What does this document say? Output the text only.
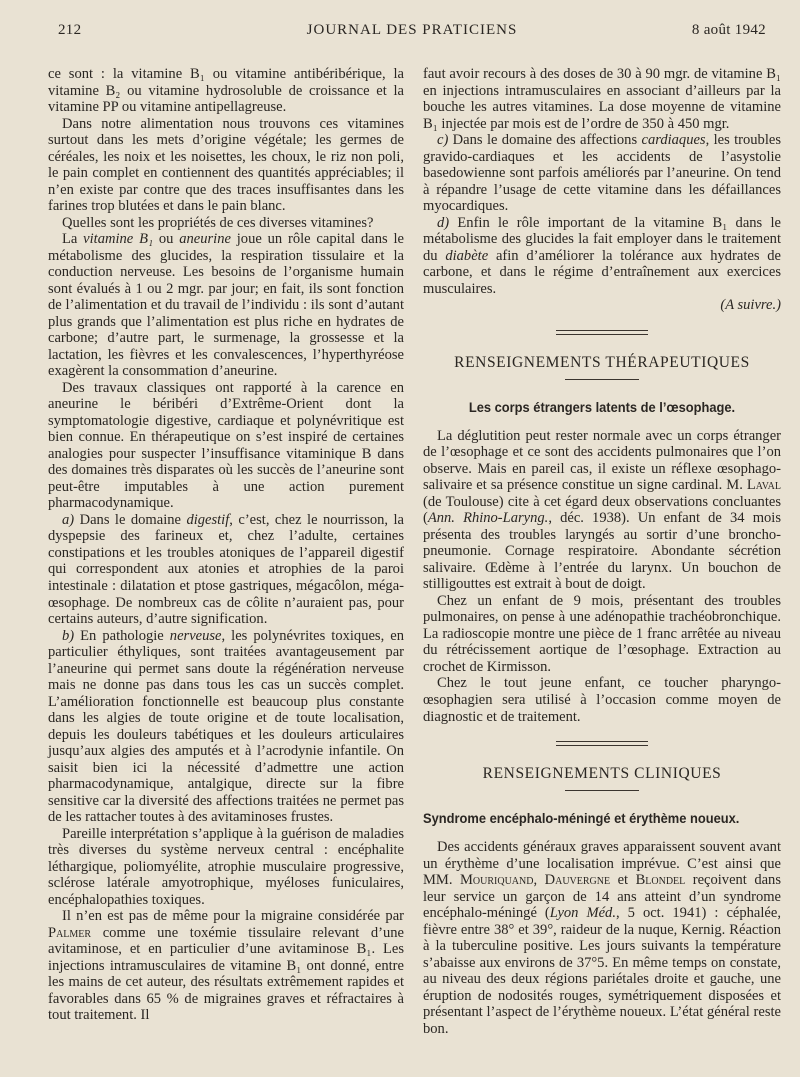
212	JOURNAL DES PRATICIENS	8 août 1942

ce sont : la vitamine B₁ ou vitamine antibéribérique, la vitamine B₂ ou vitamine hydrosoluble de croissance et la vitamine PP ou vitamine antipellagreuse.

Dans notre alimentation nous trouvons ces vitamines surtout dans les mets d’origine végétale; les germes de céréales, les noix et les noisettes, les choux, le riz non poli, le pain complet en contiennent des quantités appréciables; il n’en existe par contre que des traces insuffisantes dans les farines trop blutées et dans le pain blanc.

Quelles sont les propriétés de ces diverses vitamines?

La vitamine B₁ ou aneurine joue un rôle capital dans le métabolisme des glucides, la respiration tissulaire et la conduction nerveuse. Les besoins de l’organisme humain sont évalués à 1 ou 2 mgr. par jour; en fait, ils sont fonction de l’alimentation et du travail de l’individu : ils sont d’autant plus grands que l’alimentation est plus riche en hydrates de carbone; d’autre part, le surmenage, la grossesse et la lactation, les fièvres et les convalescences, l’hyperthyréose exagèrent la consommation d’aneurine.

Des travaux classiques ont rapporté à la carence en aneurine le béribéri d’Extrême-Orient dont la symptomatologie digestive, cardiaque et polynévritique est bien connue. En thérapeutique on s’est inspiré de certaines analogies pour suspecter l’insuffisance vitaminique B dans des domaines très disparates où les succès de l’aneurine sont peut-être imputables à une action purement pharmacodynamique.

a) Dans le domaine digestif, c’est, chez le nourrisson, la dyspepsie des farineux et, chez l’adulte, certaines constipations et les troubles atoniques de l’appareil digestif qui correspondent aux atonies et atrophies de la paroi intestinale : dilatation et ptose gastriques, mégacôlon, méga-œsophage. De nombreux cas de côlite n’auraient pas, pour certains auteurs, d’autre signification.

b) En pathologie nerveuse, les polynévrites toxiques, en particulier éthyliques, sont traitées avantageusement par l’aneurine qui permet sans doute la régénération nerveuse mais ne donne pas dans tous les cas un succès complet. L’amélioration fonctionnelle est beaucoup plus constante dans les algies de toute origine et de toute localisation, depuis les douleurs tabétiques et les douleurs articulaires jusqu’aux algies des amputés et à l’acrodynie infantile. On saisit bien ici la nécessité d’admettre une action pharmacodynamique, antalgique, directe sur la fibre sensitive car la diversité des affections traitées ne permet pas de les rattacher toutes à des avitaminoses frustes.

Pareille interprétation s’applique à la guérison de maladies très diverses du système nerveux central : encéphalite léthargique, poliomyélite, atrophie musculaire progressive, sclérose latérale amyotrophique, myéloses funiculaires, encéphalopathies toxiques.

Il n’en est pas de même pour la migraine considérée par Palmer comme une toxémie tissulaire relevant d’une avitaminose, et en particulier d’une avitaminose B₁. Les injections intramusculaires de vitamine B₁ ont donné, entre les mains de cet auteur, des résultats extrêmement rapides et favorables dans 65 % de migraines graves et réfractaires à tout traitement. Il

faut avoir recours à des doses de 30 à 90 mgr. de vitamine B₁ en injections intramusculaires en associant d’ailleurs par la bouche les autres vitamines. La dose moyenne de vitamine B₁ injectée par mois est de l’ordre de 350 à 450 mgr.

c) Dans le domaine des affections cardiaques, les troubles gravido-cardiaques et les accidents de l’asystolie basedowienne sont parfois améliorés par l’aneurine. On tend à répandre l’usage de cette vitamine dans les défaillances myocardiques.

d) Enfin le rôle important de la vitamine B₁ dans le métabolisme des glucides la fait employer dans le traitement du diabète afin d’améliorer la tolérance aux hydrates de carbone, et dans le régime d’entraînement aux exercices musculaires.

(A suivre.)
RENSEIGNEMENTS THÉRAPEUTIQUES
Les corps étrangers latents de l’œsophage.

La déglutition peut rester normale avec un corps étranger de l’œsophage et ce sont des accidents pulmonaires que l’on observe. Mais en pareil cas, il existe un réflexe œsophago-salivaire et sa présence constitue un signe cardinal. M. Laval (de Toulouse) cite à cet égard deux observations concluantes (Ann. Rhino-Laryng., déc. 1938). Un enfant de 34 mois présenta des troubles laryngés au sortir d’une broncho-pneumonie. Cornage respiratoire. Abondante sécrétion salivaire. Œdème à l’entrée du larynx. Un bouchon de stilligouttes est extrait à bout de doigt.

Chez un enfant de 9 mois, présentant des troubles pulmonaires, on pense à une adénopathie trachéobronchique. La radioscopie montre une pièce de 1 franc arrêtée au niveau du rétrécissement aortique de l’œsophage. Extraction au crochet de Kirmisson.

Chez le tout jeune enfant, ce toucher pharyngo-œsophagien sera utilisé à l’occasion comme moyen de diagnostic et de traitement.

RENSEIGNEMENTS CLINIQUES
Syndrome encéphalo-méningé et érythème noueux.

Des accidents généraux graves apparaissent souvent avant un érythème d’une localisation imprévue. C’est ainsi que MM. Mouriquand, Dauvergne et Blondel reçoivent dans leur service un garçon de 14 ans atteint d’un syndrome encéphalo-méningé (Lyon Méd., 5 oct. 1941) : céphalée, fièvre entre 38° et 39°, raideur de la nuque, Kernig. Réaction à la tuberculine positive. Les jours suivants la température s’abaisse aux environs de 37°5. En même temps on constate, au niveau des deux régions pariétales droite et gauche, une éruption de nodosités rouges, symétriquement disposées et présentant l’aspect de l’érythème noueux. L’état général reste bon.
